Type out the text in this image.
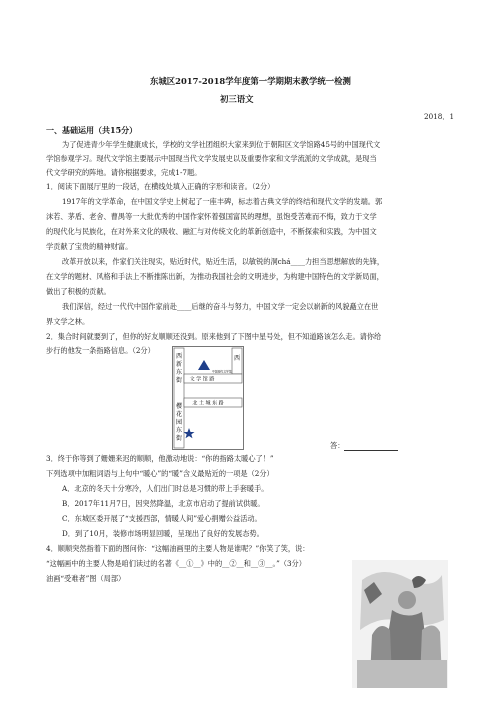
东城区2017-2018学年度第一学期期末教学统一检测
初三语文
2018．1
一、基础运用（共15分）
为了促进青少年学生健康成长，学校的文学社团组织大家来到位于朝阳区文学馆路45号的中国现代文
学馆参观学习。现代文学馆主要展示中国现当代文学发展史以及重要作家和文学流派的文学成就，是现当
代文学研究的阵地。请你根据要求，完成1-7题。
1．阅读下面展厅里的一段话，在横线处填入正确的字形和读音。（2分）
1917年的文学革命，在中国文学史上树起了一座丰碑，标志着古典文学的终结和现代文学的发端。郭
沫若、茅盾、老舍、曹禺等一大批优秀的中国作家怀着强国富民的理想，虽饱受苦难而不悔，致力于文学
的现代化与民族化，在对外来文化的吸收、融汇与对传统文化的革新创造中，不断探索和实践，为中国文
学贡献了宝贵的精神财富。
改革开放以来，作家们关注现实，贴近时代，贴近生活，以敏锐的洞chá____力担当思想解放的先锋，
在文学的题材、风格和手法上不断推陈出新，为推动我国社会的文明进步，为构建中国特色的文学新局面，
做出了积极的贡献。
我们深信，经过一代代中国作家前赴____后继的奋斗与努力，中国文学一定会以崭新的风貌矗立在世
界文学之林。
2．集合时间就要到了，但你的好友顺顺还没到。原来他到了下图中星号处，但不知道路该怎么走。请你给
步行的他发一条指路信息。（2分）
西
新
东
街
樱
花
园
东
街
西
文 学 馆 路
北 土 城 东 路
中国现代文学馆
答：
3．终于你等到了姗姗来迟的顺顺，他激动地说：“你的指路太暖心了！”
下列选项中加粗词语与上句中“暖心”的“暖”含义最贴近的一项是（2分）
A．北京的冬天十分寒冷，人们出门时总是习惯的带上手套暖手。
B．2017年11月7日，因突然降温，北京市启动了提前试供暖。
C．东城区委开展了“支援西部，情暖人间”爱心捐赠公益活动。
D．到了10月，装修市场明显回暖，呈现出了良好的发展态势。
4．顺顺突然指着下面的图问你：“这幅油画里的主要人物是谁呢？”你笑了笑，说：
“这幅画中的主要人物是咱们读过的名著《__①__》中的__②__和__③__。”（3分）
油画“受难者”图（局部）
